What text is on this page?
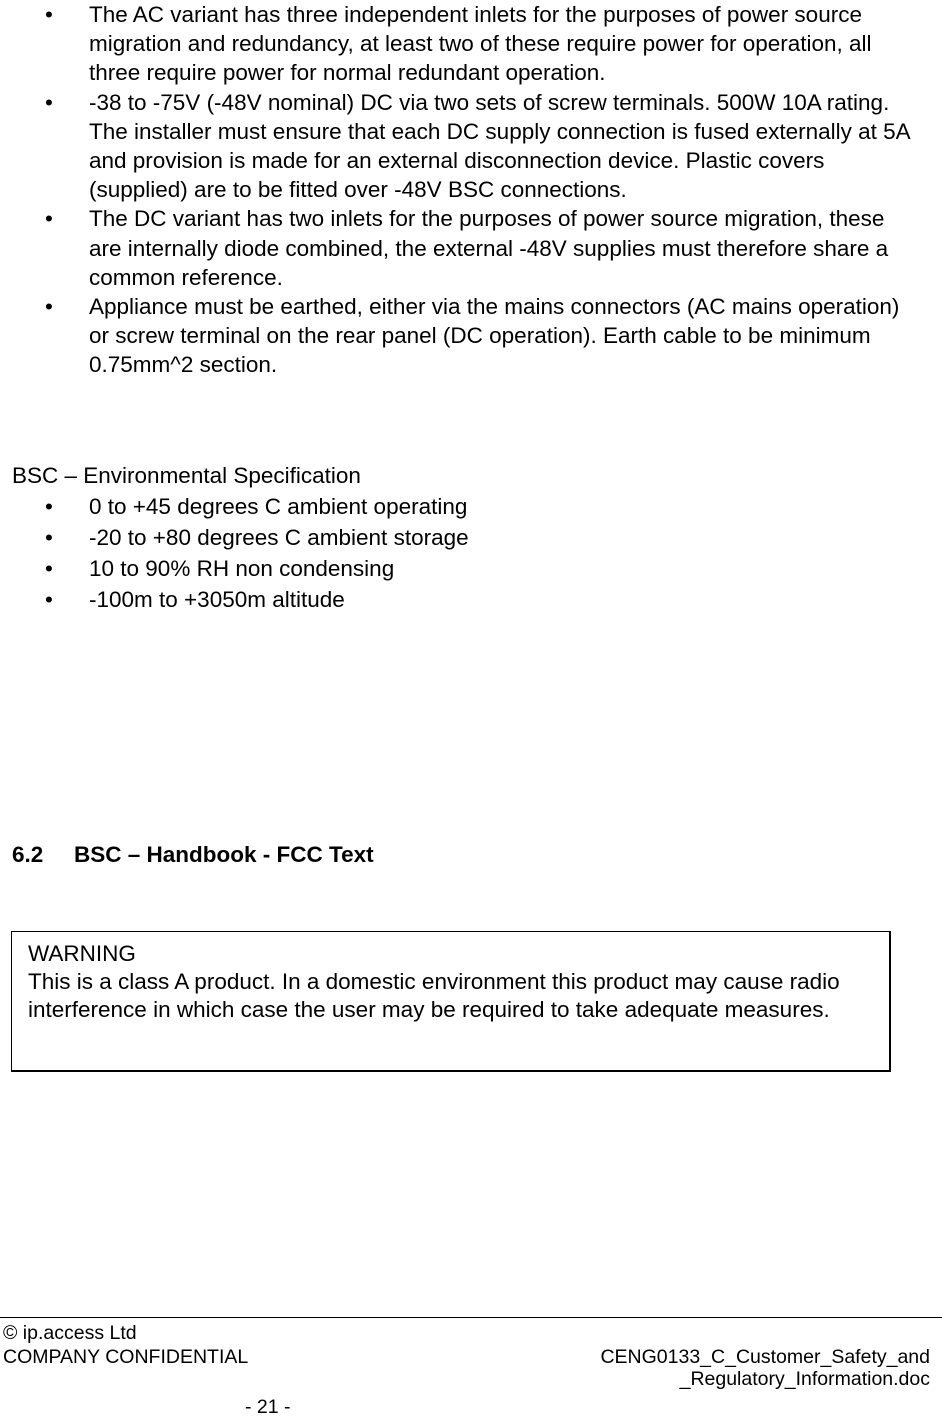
• The AC variant has three independent inlets for the purposes of power source migration and redundancy, at least two of these require power for operation, all three require power for normal redundant operation.
• -38 to -75V (-48V nominal) DC via two sets of screw terminals. 500W 10A rating. The installer must ensure that each DC supply connection is fused externally at 5A and provision is made for an external disconnection device. Plastic covers (supplied) are to be fitted over -48V BSC connections.
• The DC variant has two inlets for the purposes of power source migration, these are internally diode combined, the external -48V supplies must therefore share a common reference.
• Appliance must be earthed, either via the mains connectors (AC mains operation) or screw terminal on the rear panel (DC operation). Earth cable to be minimum 0.75mm^2 section.
BSC – Environmental Specification
• 0 to +45 degrees C ambient operating
• -20 to +80 degrees C ambient storage
• 10 to 90% RH non condensing
• -100m to +3050m altitude
6.2 BSC – Handbook - FCC Text

WARNING

This is a class A product. In a domestic environment this product may cause radio interference in which case the user may be required to take adequate measures.

© ip.access Ltd
COMPANY CONFIDENTIAL	CENG0133_C_Customer_Safety_and
_Regulatory_Information.doc
- 21 -
